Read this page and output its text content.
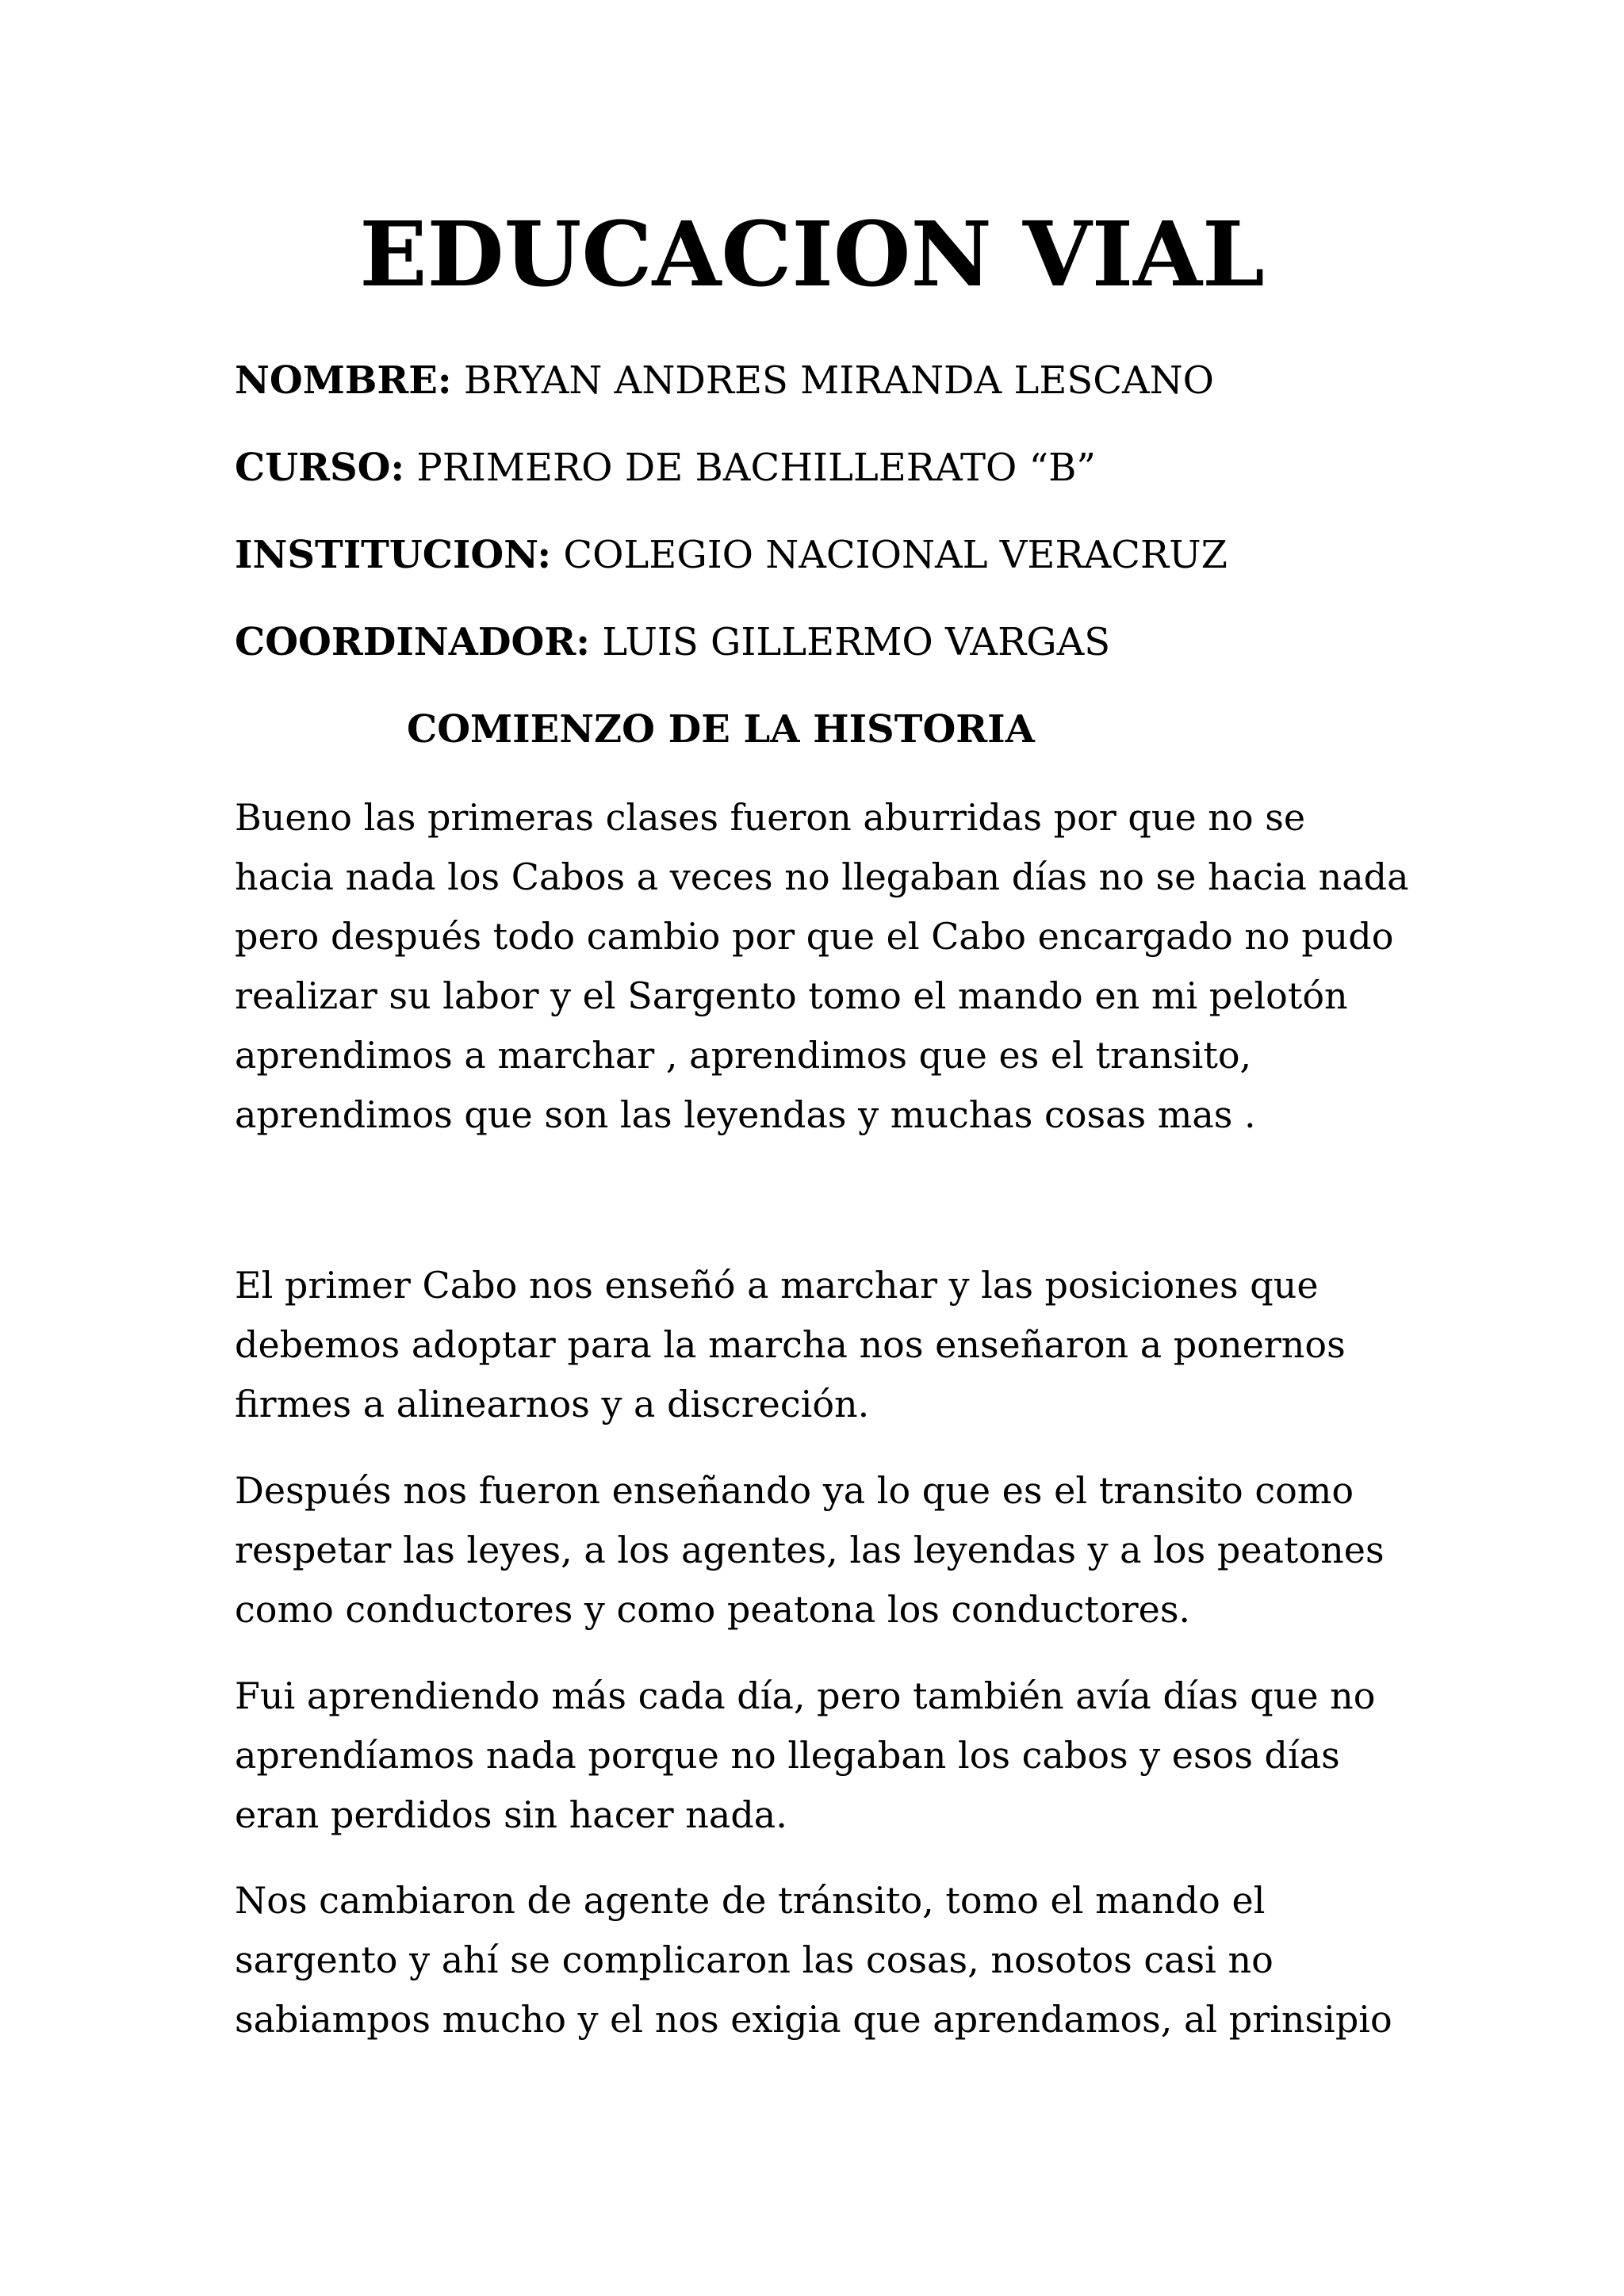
EDUCACION VIAL

NOMBRE: BRYAN ANDRES MIRANDA LESCANO

CURSO: PRIMERO DE BACHILLERATO “B”

INSTITUCION: COLEGIO NACIONAL VERACRUZ

COORDINADOR: LUIS GILLERMO VARGAS

COMIENZO DE LA HISTORIA

Bueno las primeras clases fueron aburridas por que no se
hacia nada los Cabos a veces no llegaban días no se hacia nada
pero después todo cambio por que el Cabo encargado no pudo
realizar su labor y el Sargento tomo el mando en mi pelotón
aprendimos a marchar , aprendimos que es el transito,
aprendimos que son las leyendas y muchas cosas mas .

El primer Cabo nos enseñó a marchar y las posiciones que
debemos adoptar para la marcha nos enseñaron a ponernos
firmes a alinearnos y a discreción.

Después nos fueron enseñando ya lo que es el transito como
respetar las leyes, a los agentes, las leyendas y a los peatones
como conductores y como peatona los conductores.

Fui aprendiendo más cada día, pero también avía días que no
aprendíamos nada porque no llegaban los cabos y esos días
eran perdidos sin hacer nada.

Nos cambiaron de agente de tránsito, tomo el mando el
sargento y ahí se complicaron las cosas, nosotos casi no
sabiampos mucho y el nos exigia que aprendamos, al prinsipio
